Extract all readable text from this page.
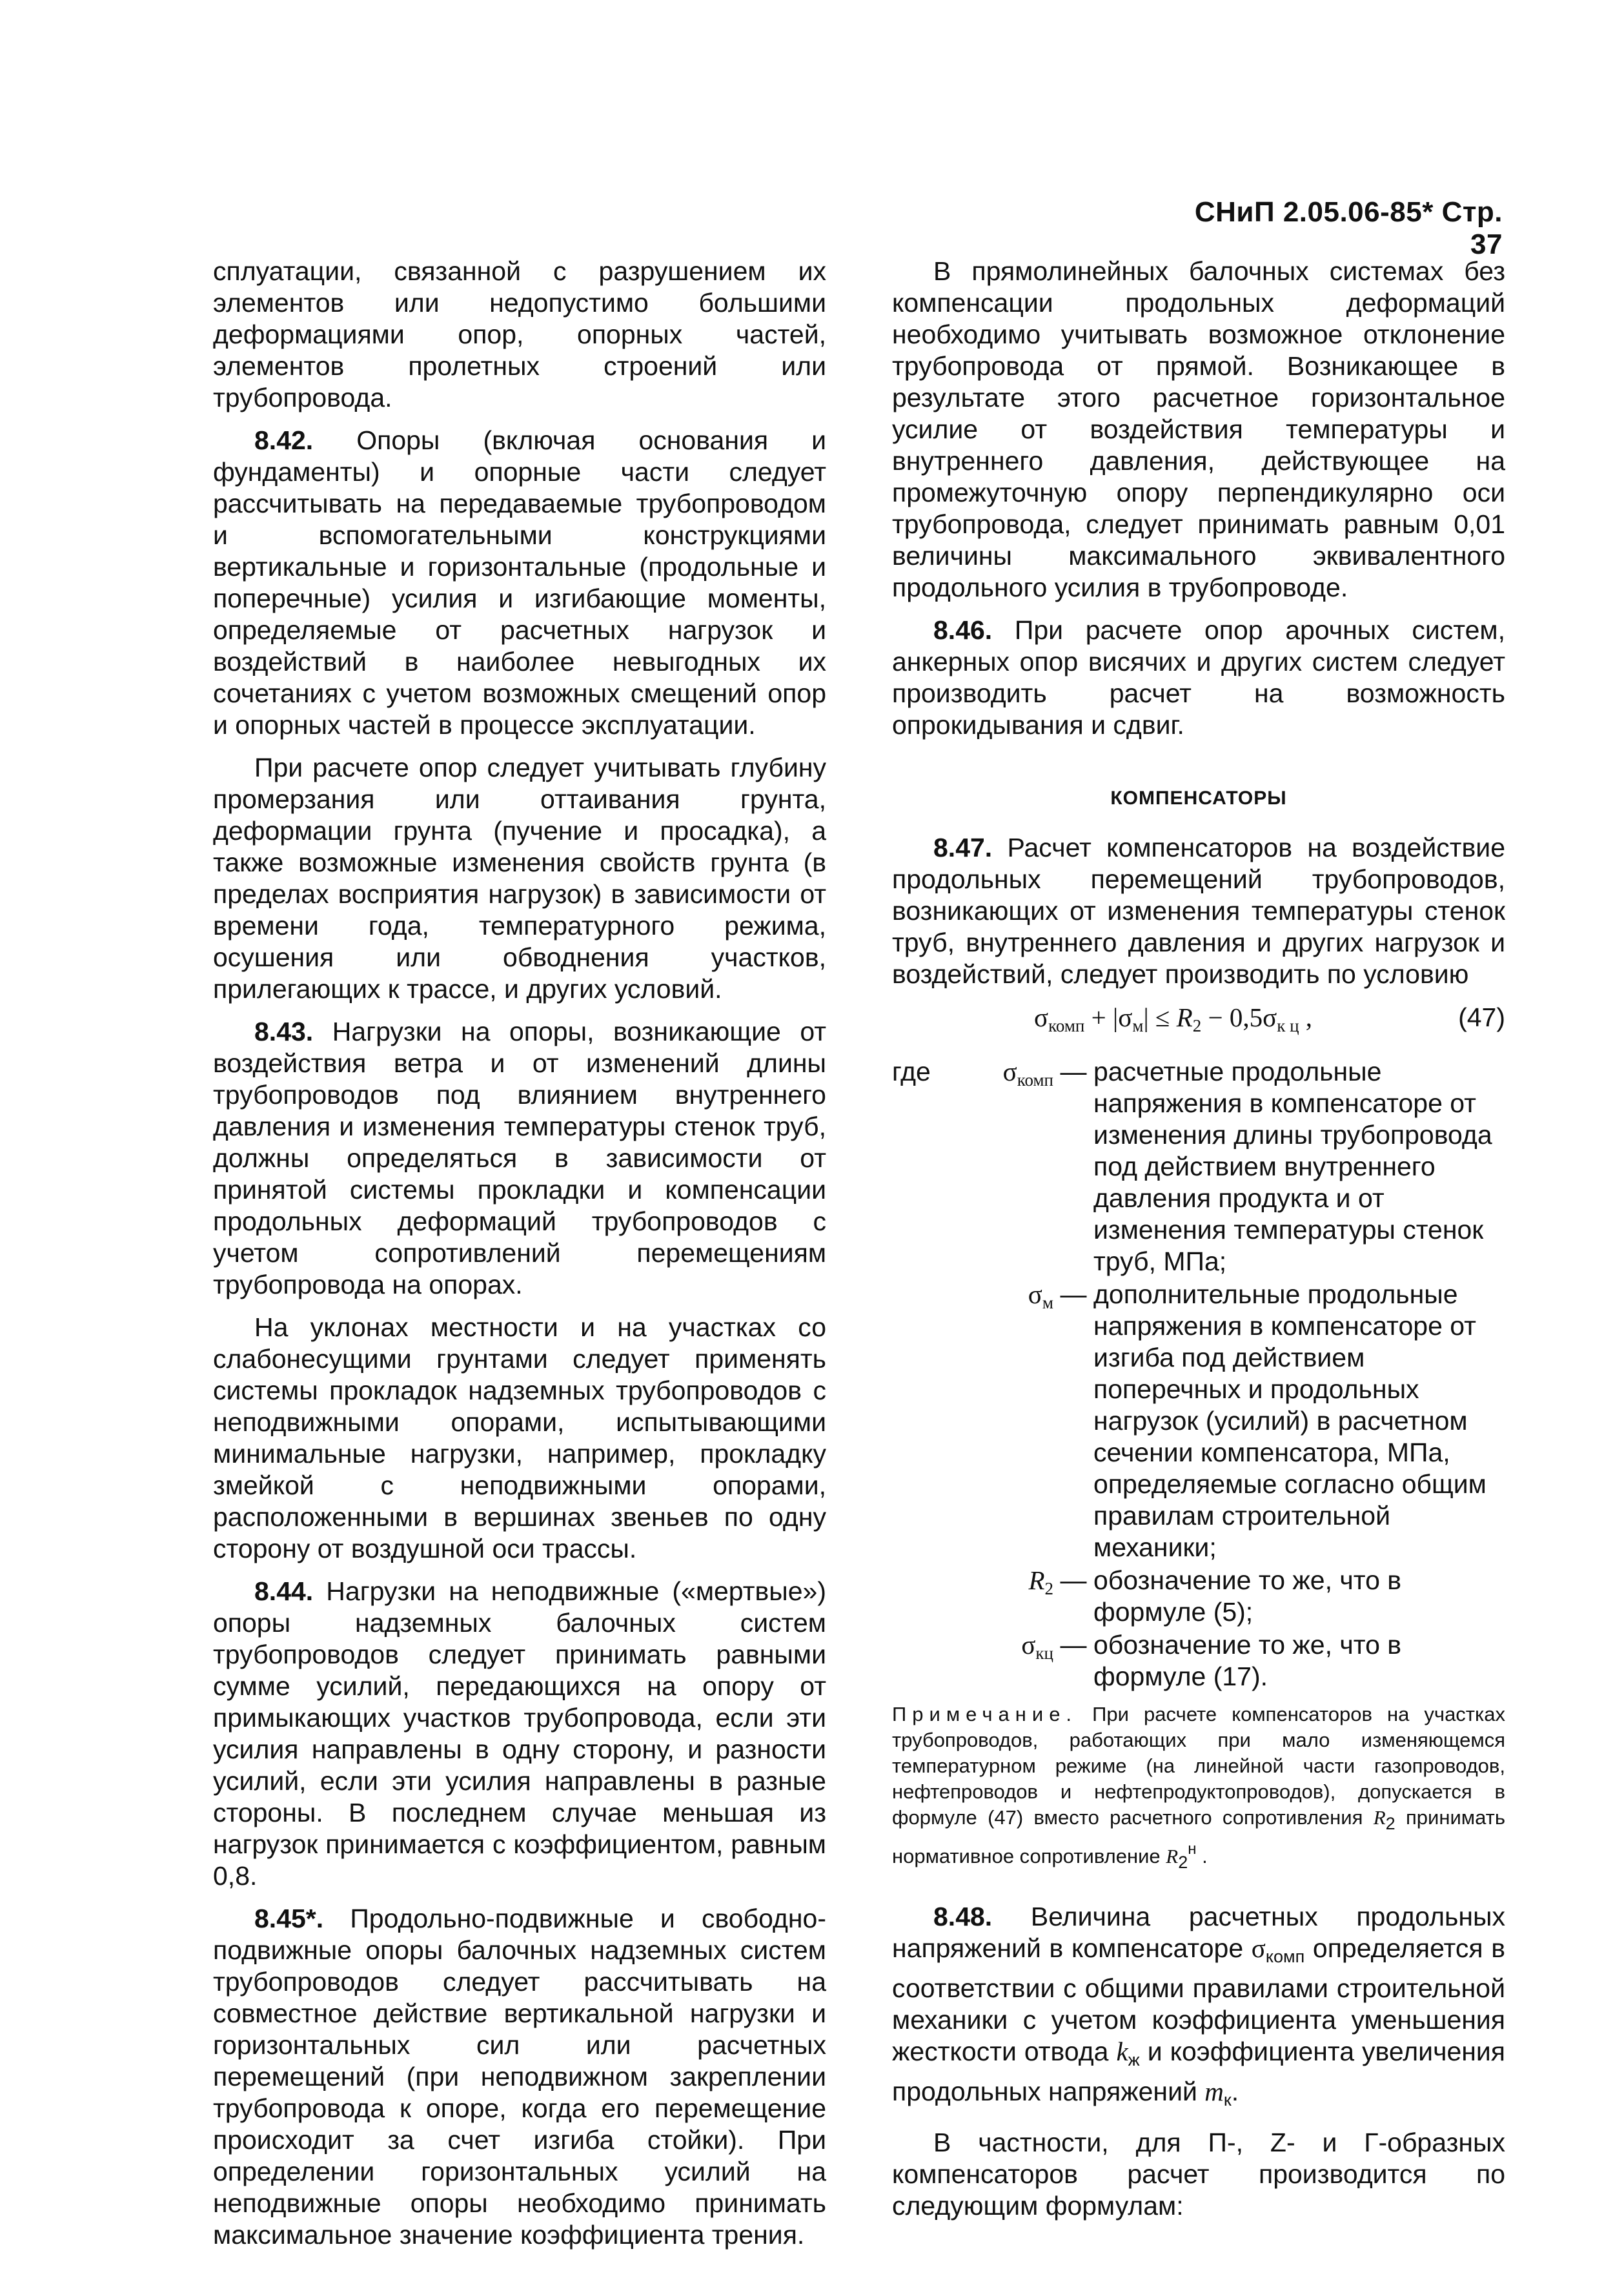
СНиП 2.05.06-85* Стр. 37

сплуатации, связанной с разрушением их элементов или недопустимо большими деформациями опор, опорных частей, элементов пролетных строений или трубопровода.

8.42. Опоры (включая основания и фундаменты) и опорные части следует рассчитывать на передаваемые трубопроводом и вспомогательными конструкциями вертикальные и горизонтальные (продольные и поперечные) усилия и изгибающие моменты, определяемые от расчетных нагрузок и воздействий в наиболее невыгодных их сочетаниях с учетом возможных смещений опор и опорных частей в процессе эксплуатации.

При расчете опор следует учитывать глубину промерзания или оттаивания грунта, деформации грунта (пучение и просадка), а также возможные изменения свойств грунта (в пределах восприятия нагрузок) в зависимости от времени года, температурного режима, осушения или обводнения участков, прилегающих к трассе, и других условий.

8.43. Нагрузки на опоры, возникающие от воздействия ветра и от изменений длины трубопроводов под влиянием внутреннего давления и изменения температуры стенок труб, должны определяться в зависимости от принятой системы прокладки и компенсации продольных деформаций трубопроводов с учетом сопротивлений перемещениям трубопровода на опорах.

На уклонах местности и на участках со слабонесущими грунтами следует применять системы прокладок надземных трубопроводов с неподвижными опорами, испытывающими минимальные нагрузки, например, прокладку змейкой с неподвижными опорами, расположенными в вершинах звеньев по одну сторону от воздушной оси трассы.

8.44. Нагрузки на неподвижные («мертвые») опоры надземных балочных систем трубопроводов следует принимать равными сумме усилий, передающихся на опору от примыкающих участков трубопровода, если эти усилия направлены в одну сторону, и разности усилий, если эти усилия направлены в разные стороны. В последнем случае меньшая из нагрузок принимается с коэффициентом, равным 0,8.

8.45*. Продольно-подвижные и свободно-подвижные опоры балочных надземных систем трубопроводов следует рассчитывать на совместное действие вертикальной нагрузки и горизонтальных сил или расчетных перемещений (при неподвижном закреплении трубопровода к опоре, когда его перемещение происходит за счет изгиба стойки). При определении горизонтальных усилий на неподвижные опоры необходимо принимать максимальное значение коэффициента трения.

В прямолинейных балочных системах без компенсации продольных деформаций необходимо учитывать возможное отклонение трубопровода от прямой. Возникающее в результате этого расчетное горизонтальное усилие от воздействия температуры и внутреннего давления, действующее на промежуточную опору перпендикулярно оси трубопровода, следует принимать равным 0,01 величины максимального эквивалентного продольного усилия в трубопроводе.

8.46. При расчете опор арочных систем, анкерных опор висячих и других систем следует производить расчет на возможность опрокидывания и сдвиг.

КОМПЕНСАТОРЫ

8.47. Расчет компенсаторов на воздействие продольных перемещений трубопроводов, возникающих от изменения температуры стенок труб, внутреннего давления и других нагрузок и воздействий, следует производить по условию

$\sigma_{комп} + |\sigma_м| \le R_2 - 0,5\sigma_{к ц}$ ,	(47)
где	$\sigma_{комп}$ — расчетные продольные напряжения в компенсаторе от изменения длины трубопровода под действием внутреннего давления продукта и от изменения температуры стенок труб, МПа;
$\sigma_м$ — дополнительные продольные напряжения в компенсаторе от изгиба под действием поперечных и продольных нагрузок (усилий) в расчетном сечении компенсатора, МПа, определяемые согласно общим правилам строительной механики;
$R_2$ — обозначение то же, что в формуле (5);
$\sigma_{кц}$ — обозначение то же, что в формуле (17).
Примечание. При расчете компенсаторов на участках трубопроводов, работающих при мало изменяющемся температурном режиме (на линейной части газопроводов, нефтепроводов и нефтепродуктопроводов), допускается в формуле (47) вместо расчетного сопротивления $R_2$ принимать нормативное сопротивление $R_2^н$ .

8.48. Величина расчетных продольных напряжений в компенсаторе $\sigma_{комп}$ определяется в соответствии с общими правилами строительной механики с учетом коэффициента уменьшения жесткости отвода $k_ж$ и коэффициента увеличения продольных напряжений $m_к$.

В частности, для П-, Z- и Г-образных компенсаторов расчет производится по следующим формулам:
